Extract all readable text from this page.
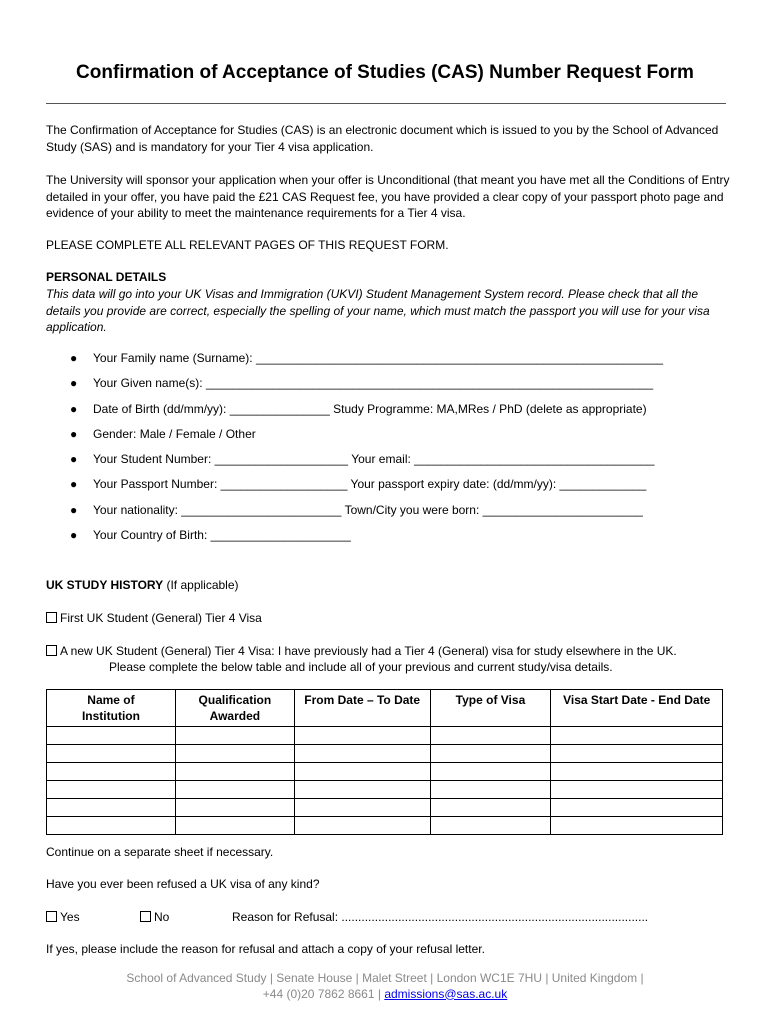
Confirmation of Acceptance of Studies (CAS) Number Request Form
The Confirmation of Acceptance for Studies (CAS) is an electronic document which is issued to you by the School of Advanced Study (SAS) and is mandatory for your Tier 4 visa application.
The University will sponsor your application when your offer is Unconditional (that meant you have met all the Conditions of Entry detailed in your offer, you have paid the £21 CAS Request fee, you have provided a clear copy of your passport photo page and evidence of your ability to meet the maintenance requirements for a Tier 4 visa.
PLEASE COMPLETE ALL RELEVANT PAGES OF THIS REQUEST FORM.
PERSONAL DETAILS
This data will go into your UK Visas and Immigration (UKVI) Student Management System record. Please check that all the details you provide are correct, especially the spelling of your name, which must match the passport you will use for your visa application.
● Your Family name (Surname): _____________________________________________________________
● Your Given name(s): ___________________________________________________________________
● Date of Birth (dd/mm/yy): _______________ Study Programme: MA,MRes / PhD (delete as appropriate)
● Gender: Male / Female / Other
● Your Student Number: ____________________ Your email: ____________________________________
● Your Passport Number: ___________________ Your passport expiry date: (dd/mm/yy): _____________
● Your nationality: ________________________ Town/City you were born: ________________________
● Your Country of Birth: _____________________
UK STUDY HISTORY (If applicable)
First UK Student (General) Tier 4 Visa
A new UK Student (General) Tier 4 Visa: I have previously had a Tier 4 (General) visa for study elsewhere in the UK.
Please complete the below table and include all of your previous and current study/visa details.
Name of Institution	Qualification Awarded	From Date – To Date	Type of Visa	Visa Start Date - End Date

Continue on a separate sheet if necessary.
Have you ever been refused a UK visa of any kind?
Yes	No	Reason for Refusal: ............................................................................................
If yes, please include the reason for refusal and attach a copy of your refusal letter.
School of Advanced Study | Senate House | Malet Street | London WC1E 7HU | United Kingdom |
+44 (0)20 7862 8661 | admissions@sas.ac.uk
